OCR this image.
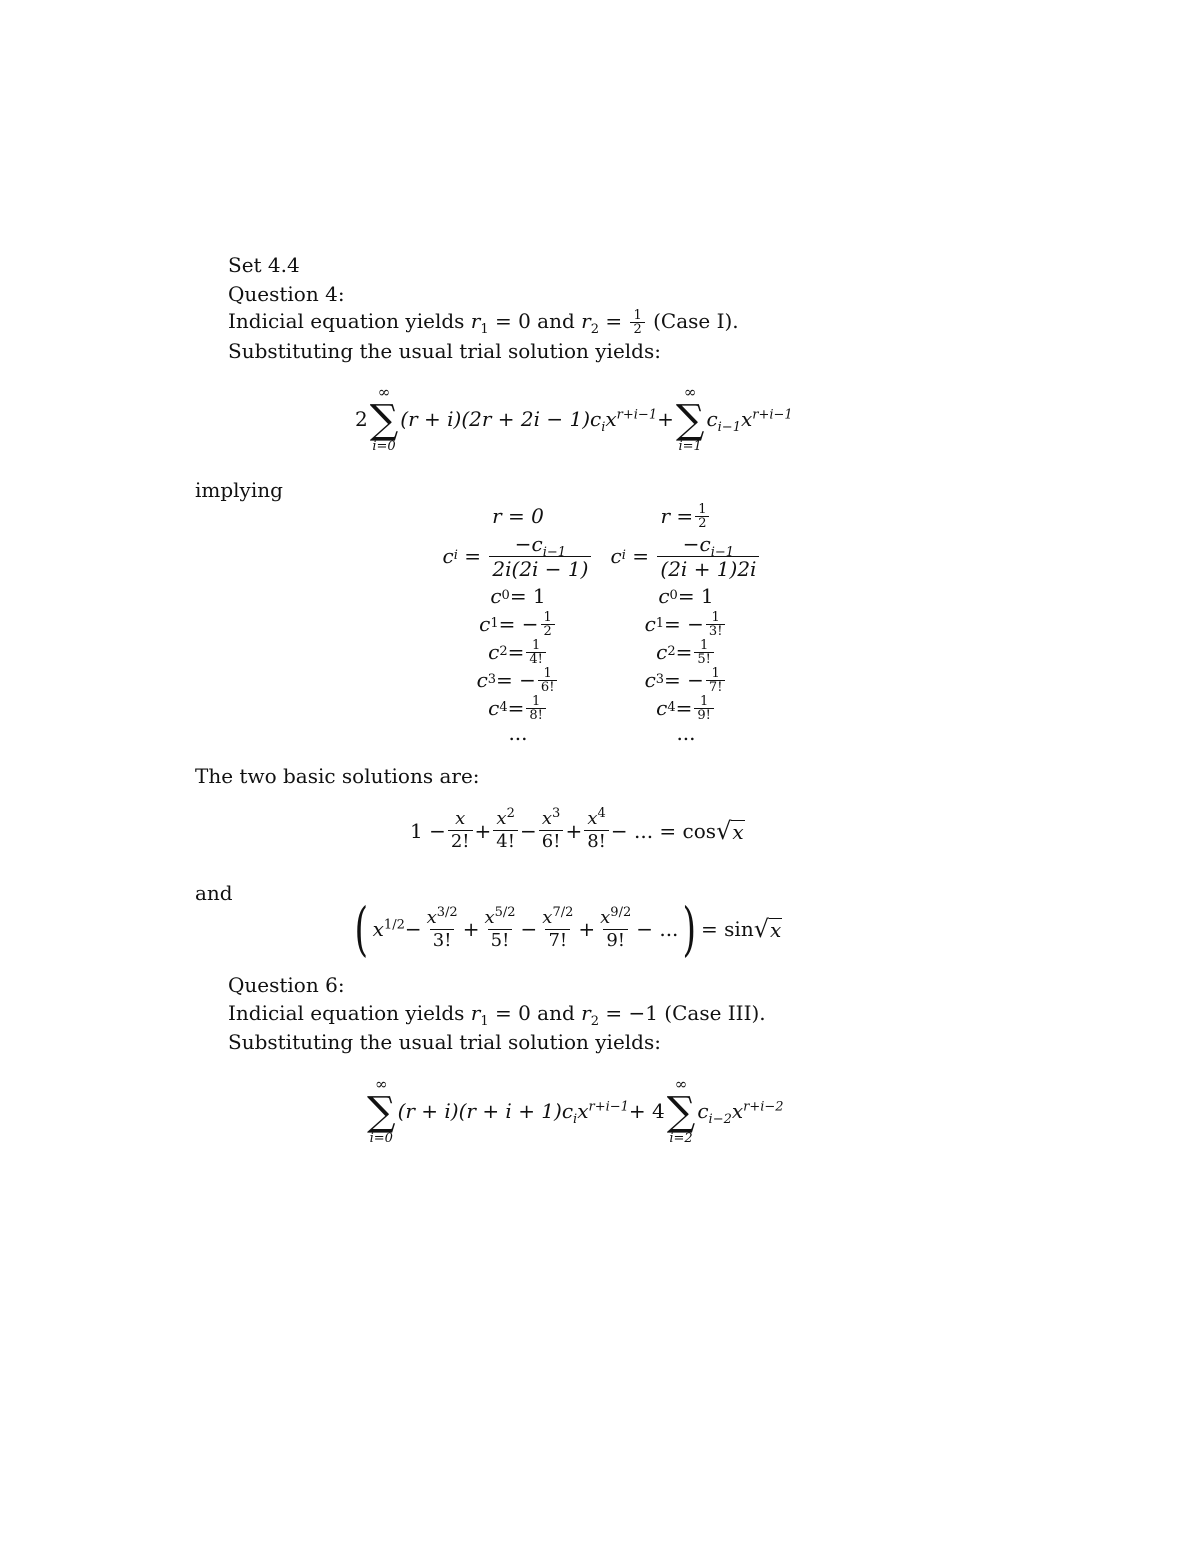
Set 4.4
Question 4:
Indicial equation yields $r_1 = 0$ and $r_2 = \frac{1}{2}$ (Case I).
Substituting the usual trial solution yields:
2
∞
∑
i=0
$(r + i)(2r + 2i - 1)c_ix^{r+i-1}$ +
∞
∑
i=1
$c_{i-1}x^{r+i-1}$
implying
r = 0
c $i = \frac{-c_{i-1}}{2i(2i - 1)}$
c 0 = 1
c 1 = − $\frac{1}{2}$
c $2 = \frac{1}{4!}$
c 3 = − $\frac{1}{6!}$
c $4 = \frac{1}{8!}$
...
$r = \frac{1}{2}$
c $i = \frac{-c_{i-1}}{(2i + 1)2i}$
c 0 = 1
c 1 = − $\frac{1}{3!}$
c $2 = \frac{1}{5!}$
c 3 = − $\frac{1}{7!}$
c $4 = \frac{1}{9!}$
...
The two basic solutions are:
$1 - \frac{x}{2!} + \frac{x^2}{4!} - \frac{x^3}{6!} + \frac{x^4}{8!}$ − ... = cos √ x
and
( $x^{1/2} - \frac{x^{3/2}}{3!} + \frac{x^{5/2}}{5!} - \frac{x^{7/2}}{7!} + \frac{x^{9/2}}{9!}$ − ... ) = sin √ x
Question 6:
Indicial equation yields $r_1 = 0$ and $r_2 = -1$ (Case III).
Substituting the usual trial solution yields:
∞
∑
i=0
$(r + i)(r + i + 1)c_ix^{r+i-1} + 4$
∞
∑
i=2
$c_{i-2}x^{r+i-2}$
